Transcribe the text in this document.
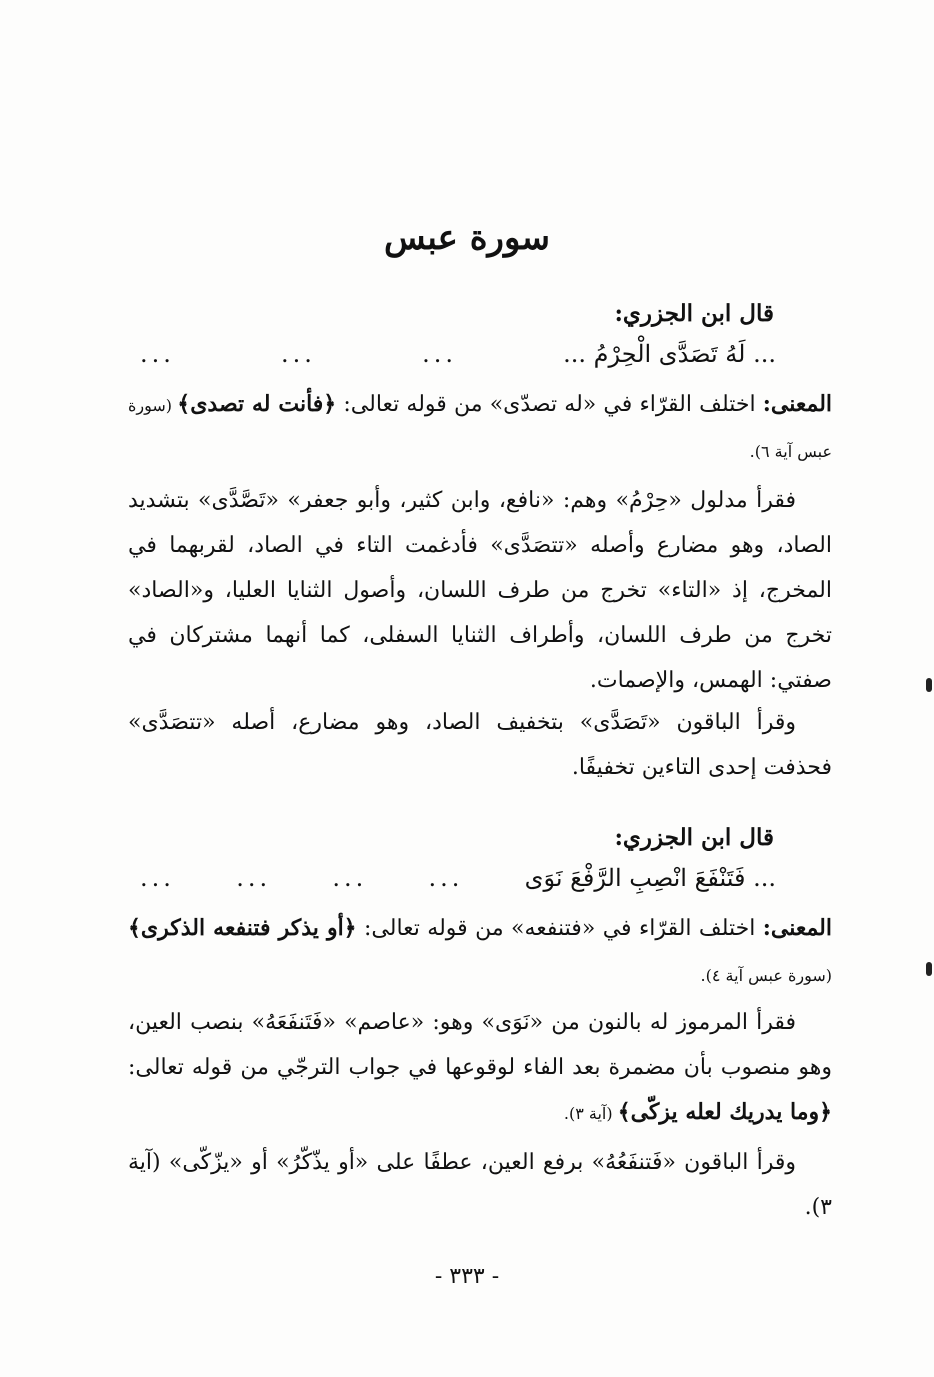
سورة عبس
قال ابن الجزري:
... لَهُ تَصَدَّى الْحِرْمُ ...
...
...
...
المعنى: اختلف القرّاء في «له تصدّى» من قوله تعالى: ﴿فأنت له تصدى﴾ (سورة عبس آية ٦).

فقرأ مدلول «حِرْمُ» وهم: «نافع، وابن كثير، وأبو جعفر» «تَصَّدَّى» بتشديد الصاد، وهو مضارع وأصله «تتصَدَّى» فأدغمت التاء في الصاد، لقربهما في المخرج، إذ «التاء» تخرج من طرف اللسان، وأصول الثنايا العليا، و«الصاد» تخرج من طرف اللسان، وأطراف الثنايا السفلى، كما أنهما مشتركان في صفتي: الهمس، والإصمات.

وقرأ الباقون «تَصَدَّى» بتخفيف الصاد، وهو مضارع، أصله «تتصَدَّى» فحذفت إحدى التاءين تخفيفًا.

قال ابن الجزري:
... فَتَنْفَعَ انْصِبِ الرَّفْعَ نَوَى
...
...
...
...
المعنى: اختلف القرّاء في «فتنفعه» من قوله تعالى: ﴿أو يذكر فتنفعه الذكرى﴾ (سورة عبس آية ٤).

فقرأ المرموز له بالنون من «نَوَى» وهو: «عاصم» «فَتَنفَعَهُ» بنصب العين، وهو منصوب بأن مضمرة بعد الفاء لوقوعها في جواب الترجّي من قوله تعالى: ﴿وما يدريك لعله يزكّى﴾ (آية ٣).

وقرأ الباقون «فَتنفَعُهُ» برفع العين، عطفًا على «أو يذّكّرُ» أو «يزّكّى» (آية ٣).

- ٣٣٣ -
